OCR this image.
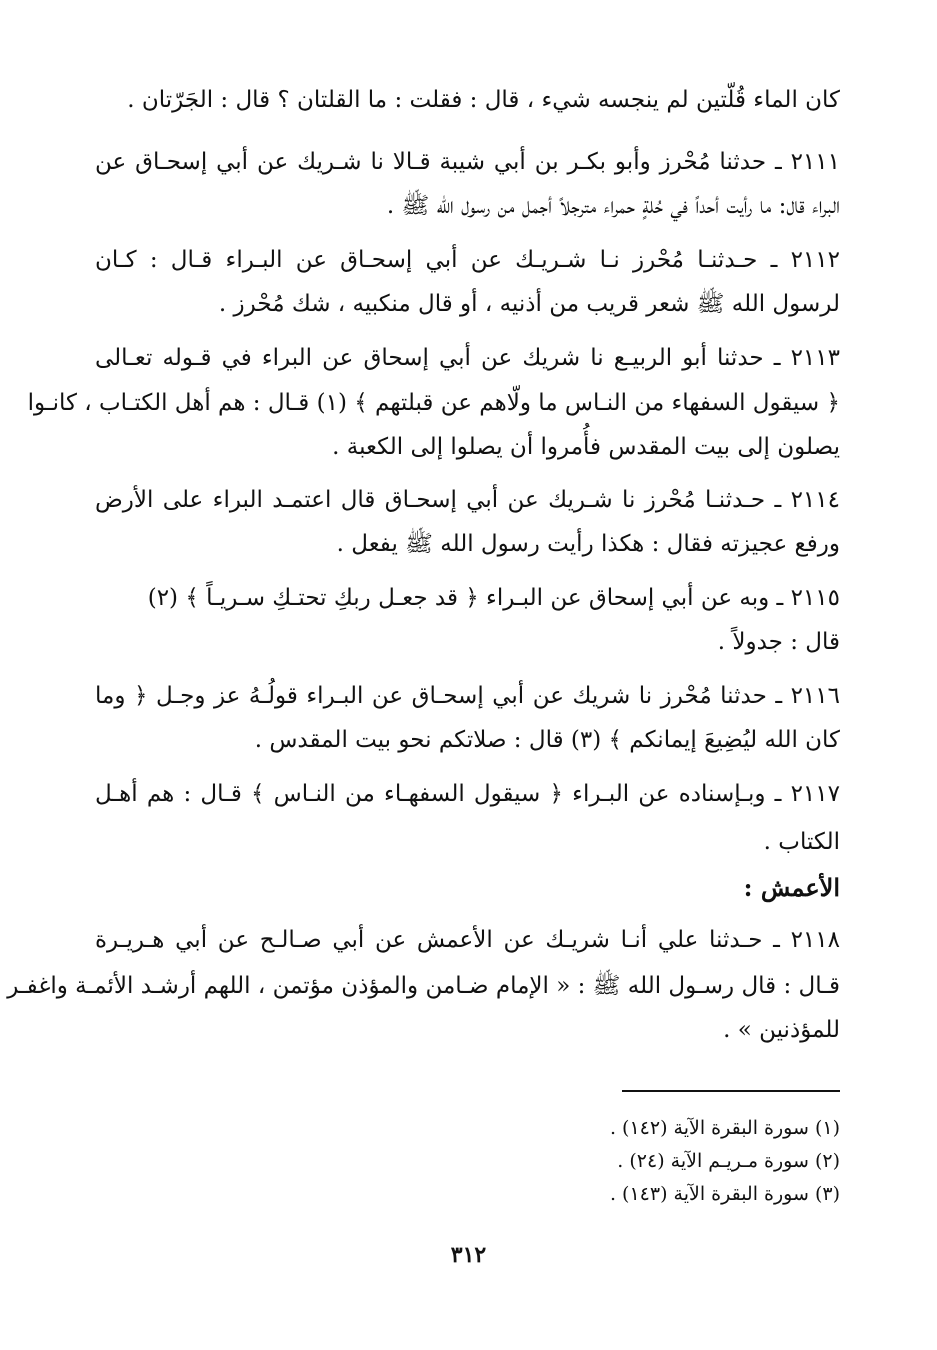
كان الماء قُلّتين لم ينجسه شيء ، قال : فقلت : ما القلتان ؟ قال : الجَرّتان .
٢١١١ ـ حدثنا مُحْرز وأبو بكـر بن أبي شيبة قـالا نا شـريك عن أبي إسحـاق عن
البراء قال: ما رأيت أحداً في حُلةٍ حمراء مترجلاً أجمل من رسول الله ﷺ .
٢١١٢ ـ حـدثنـا مُحْرز نـا شـريـك عن أبي إسحـاق عن البـراء قـال : كـان
لرسول الله ﷺ شعر قريب من أذنيه ، أو قال منكبيه ، شك مُحْرز .
٢١١٣ ـ حدثنا أبو الربيـع نا شريك عن أبي إسحاق عن البراء في قـوله تعـالى
﴿ سيقول السفهاء من النـاس ما ولّاهم عن قبلتهم ﴾ (١) قـال : هم أهل الكتـاب ، كانـوا
يصلون إلى بيت المقدس فأُمروا أن يصلوا إلى الكعبة .
٢١١٤ ـ حـدثنـا مُحْرز نا شـريك عن أبي إسحـاق قال اعتمـد البراء على الأرض
ورفع عجيزته فقال : هكذا رأيت رسول الله ﷺ يفعل .
٢١١٥ ـ وبه عن أبي إسحاق عن البـراء ﴿ قد جعـل ربكِ تحتـكِ سـريـاً ﴾ (٢)
قال : جدولاً .
٢١١٦ ـ حدثنا مُحْرز نا شريك عن أبي إسحـاق عن البـراء قولُـهُ عز وجـل ﴿ وما
كان الله ليُضِيعَ إيمانكم ﴾ (٣) قال : صلاتكم نحو بيت المقدس .
٢١١٧ ـ وبـإسناده عن البـراء ﴿ سيقول السفهـاء من النـاس ﴾ قـال : هم أهـل
الكتاب .
الأعمش :
٢١١٨ ـ حـدثنا علي أنـا شريـك عن الأعمش عن أبي صـالـح عن أبي هـريـرة
قـال : قال رسـول الله ﷺ : « الإمام ضـامن والمؤذن مؤتمن ، اللهم أرشـد الأئمـة واغفـر
للمؤذنين » .
(١) سورة البقرة الآية (١٤٢) .
(٢) سورة مـريـم الآية (٢٤) .
(٣) سورة البقرة الآية (١٤٣) .
٣١٢
